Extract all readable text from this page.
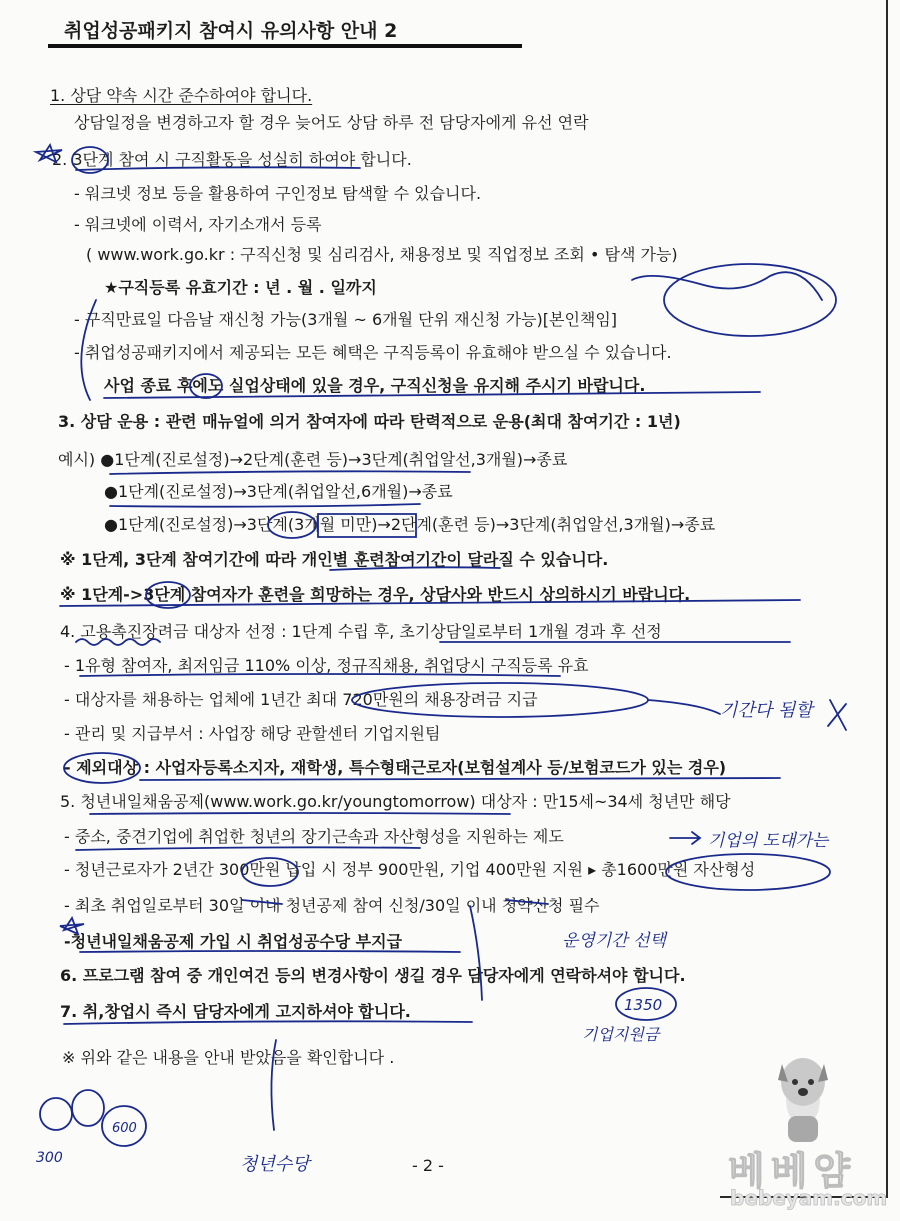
취업성공패키지 참여시 유의사항 안내 2
1. 상담 약속 시간 준수하여야 합니다.
상담일정을 변경하고자 할 경우 늦어도 상담 하루 전 담당자에게 유선 연락
2. 3단계 참여 시 구직활동을 성실히 하여야 합니다.
- 워크넷 정보 등을 활용하여 구인정보 탐색할 수 있습니다.
- 워크넷에 이력서, 자기소개서 등록
( www.work.go.kr : 구직신청 및 심리검사, 채용정보 및 직업정보 조회 • 탐색 가능)
★구직등록 유효기간 : 년 . 월 . 일까지
- 구직만료일 다음날 재신청 가능(3개월 ~ 6개월 단위 재신청 가능)[본인책임]
- 취업성공패키지에서 제공되는 모든 혜택은 구직등록이 유효해야 받으실 수 있습니다.
사업 종료 후에도 실업상태에 있을 경우, 구직신청을 유지해 주시기 바랍니다.
3. 상담 운용 : 관련 매뉴얼에 의거 참여자에 따라 탄력적으로 운용(최대 참여기간 : 1년)
예시) ●1단계(진로설정)→2단계(훈련 등)→3단계(취업알선,3개월)→종료
●1단계(진로설정)→3단계(취업알선,6개월)→종료
●1단계(진로설정)→3단계(3개월 미만)→2단계(훈련 등)→3단계(취업알선,3개월)→종료
※ 1단계, 3단계 참여기간에 따라 개인별 훈련참여기간이 달라질 수 있습니다.
※ 1단계->3단계 참여자가 훈련을 희망하는 경우, 상담사와 반드시 상의하시기 바랍니다.
4. 고용촉진장려금 대상자 선정 : 1단계 수립 후, 초기상담일로부터 1개월 경과 후 선정
- 1유형 참여자, 최저임금 110% 이상, 정규직채용, 취업당시 구직등록 유효
- 대상자를 채용하는 업체에 1년간 최대 720만원의 채용장려금 지급
- 관리 및 지급부서 : 사업장 해당 관할센터 기업지원팀
- 제외대상 : 사업자등록소지자, 재학생, 특수형태근로자(보험설계사 등/보험코드가 있는 경우)
5. 청년내일채움공제(www.work.go.kr/youngtomorrow) 대상자 : 만15세~34세 청년만 해당
- 중소, 중견기업에 취업한 청년의 장기근속과 자산형성을 지원하는 제도
- 청년근로자가 2년간 300만원 납입 시 정부 900만원, 기업 400만원 지원 ▸ 총1600만원 자산형성
- 최초 취업일로부터 30일 이내 청년공제 참여 신청/30일 이내 청약신청 필수
-청년내일채움공제 가입 시 취업성공수당 부지급
6. 프로그램 참여 중 개인여건 등의 변경사항이 생길 경우 담당자에게 연락하셔야 합니다.
7. 취,창업시 즉시 담당자에게 고지하셔야 합니다.
※ 위와 같은 내용을 안내 받았음을 확인합니다 .
- 2 -
기간다 됨할
기업의 도대가는
운영기간 선택
1350
기업지원금
600
300	청년수당	베베얌
bebeyam.com
